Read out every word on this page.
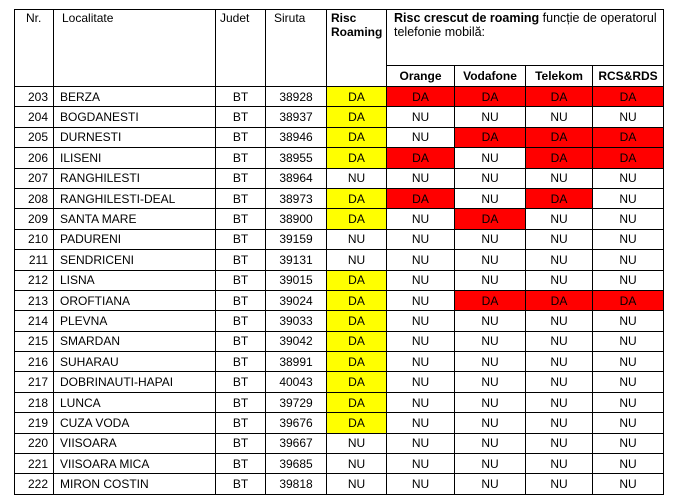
Nr.	Localitate	Judet	Siruta	Risc
Roaming	Risc crescut de roaming funcție de operatorul telefonie mobilă:			
					Orange	Vodafone	Telekom	RCS&RDS
203	BERZA	BT	38928	DA	DA	DA	DA	DA
204	BOGDANESTI	BT	38937	DA	NU	NU	NU	NU
205	DURNESTI	BT	38946	DA	NU	DA	DA	DA
206	ILISENI	BT	38955	DA	DA	NU	DA	DA
207	RANGHILESTI	BT	38964	NU	NU	NU	NU	NU
208	RANGHILESTI-DEAL	BT	38973	DA	DA	NU	DA	NU
209	SANTA MARE	BT	38900	DA	NU	DA	NU	NU
210	PADURENI	BT	39159	NU	NU	NU	NU	NU
211	SENDRICENI	BT	39131	NU	NU	NU	NU	NU
212	LISNA	BT	39015	DA	NU	NU	NU	NU
213	OROFTIANA	BT	39024	DA	NU	DA	DA	DA
214	PLEVNA	BT	39033	DA	NU	NU	NU	NU
215	SMARDAN	BT	39042	DA	NU	NU	NU	NU
216	SUHARAU	BT	38991	DA	NU	NU	NU	NU
217	DOBRINAUTI-HAPAI	BT	40043	DA	NU	NU	NU	NU
218	LUNCA	BT	39729	DA	NU	NU	NU	NU
219	CUZA VODA	BT	39676	DA	NU	NU	NU	NU
220	VIISOARA	BT	39667	NU	NU	NU	NU	NU
221	VIISOARA MICA	BT	39685	NU	NU	NU	NU	NU
222	MIRON COSTIN	BT	39818	NU	NU	NU	NU	NU
